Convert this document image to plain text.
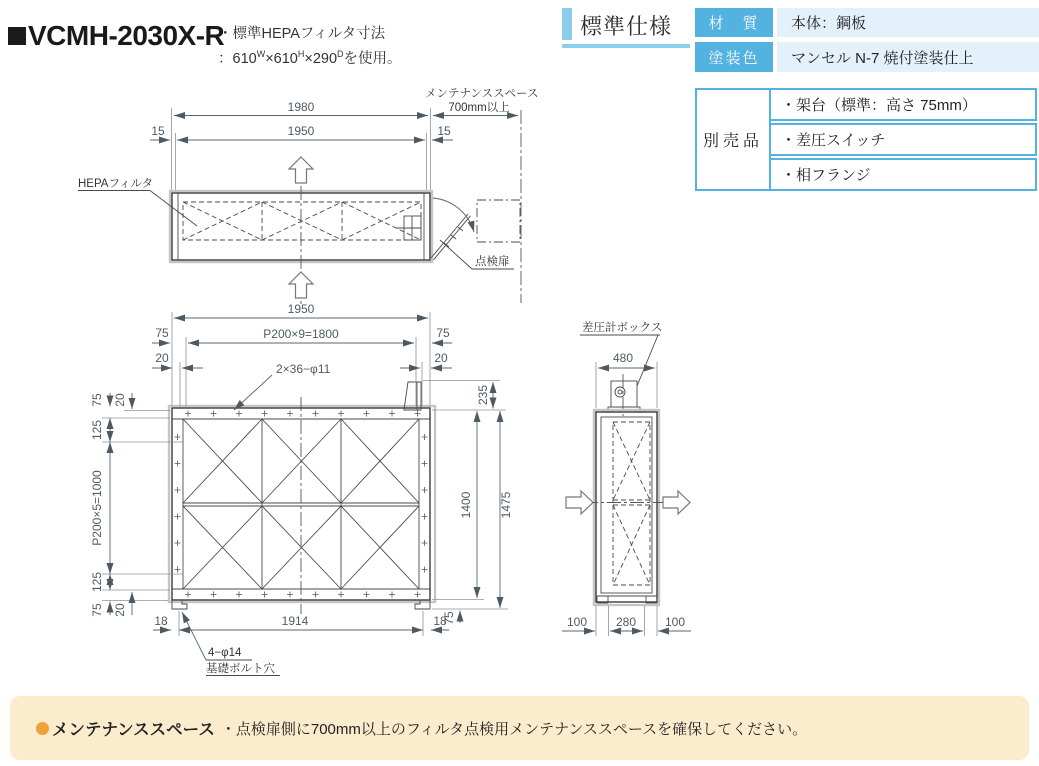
1980
メンテナンススペース
700mm以上
1950
15	15
点検扉
HEPAフィルタ
1950
P200×9=1800
75	75
20	20
2×36−φ11
75 20
125
P200×5=1000
125
75 20
235
1400 1475
75
1914
18	18
4−φ14
基礎ボルト穴
差圧計ボックス
480
100 280 100
VCMH-2030X-R
・標準HEPAフィルタ寸法
：$610^W\times 610^H\times 290^D$を使用。
標準仕様	材　質	本体：鋼板
塗装色	マンセル N-7 焼付塗装仕上
別売品
・架台（標準：高さ 75mm）
・差圧スイッチ
・相フランジ
メンテナンススペース ・点検扉側に700mm以上のフィルタ点検用メンテナンススペースを確保してください。
